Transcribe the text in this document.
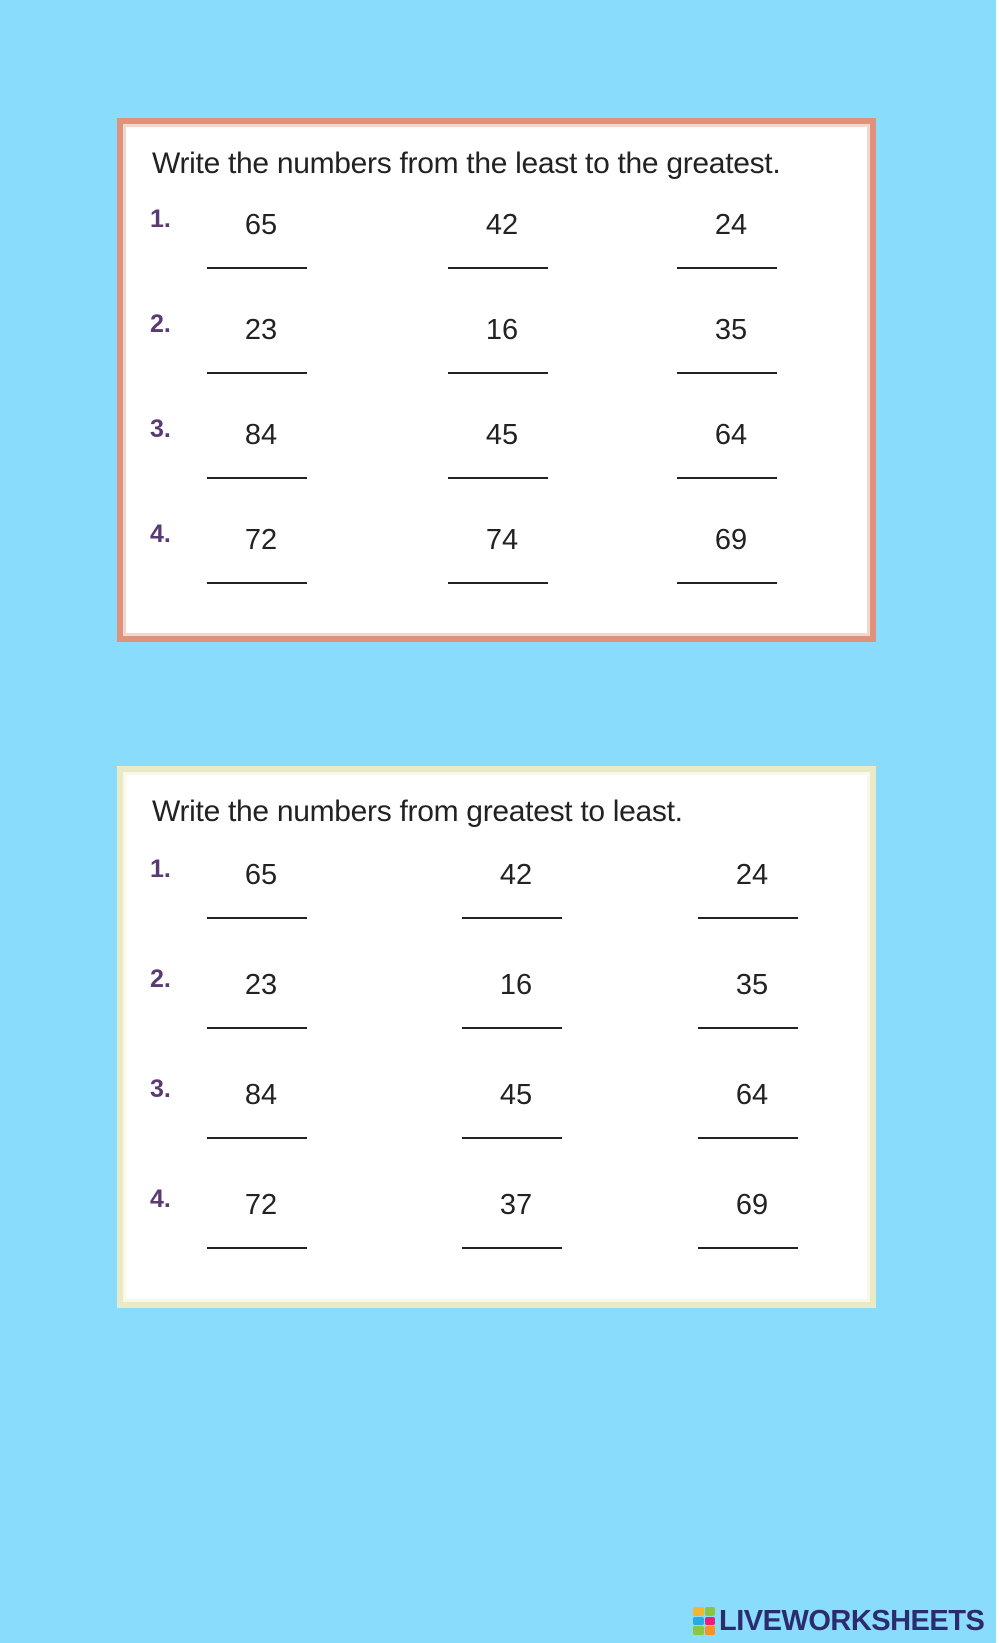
Write the numbers from the least to the greatest.
1.	65	42	24
2.	23	16	35
3.	84	45	64
4.	72	74	69
Write the numbers from greatest to least.
1.	65	42	24
2.	23	16	35
3.	84	45	64
4.	72	37	69
LIVEWORKSHEETS
